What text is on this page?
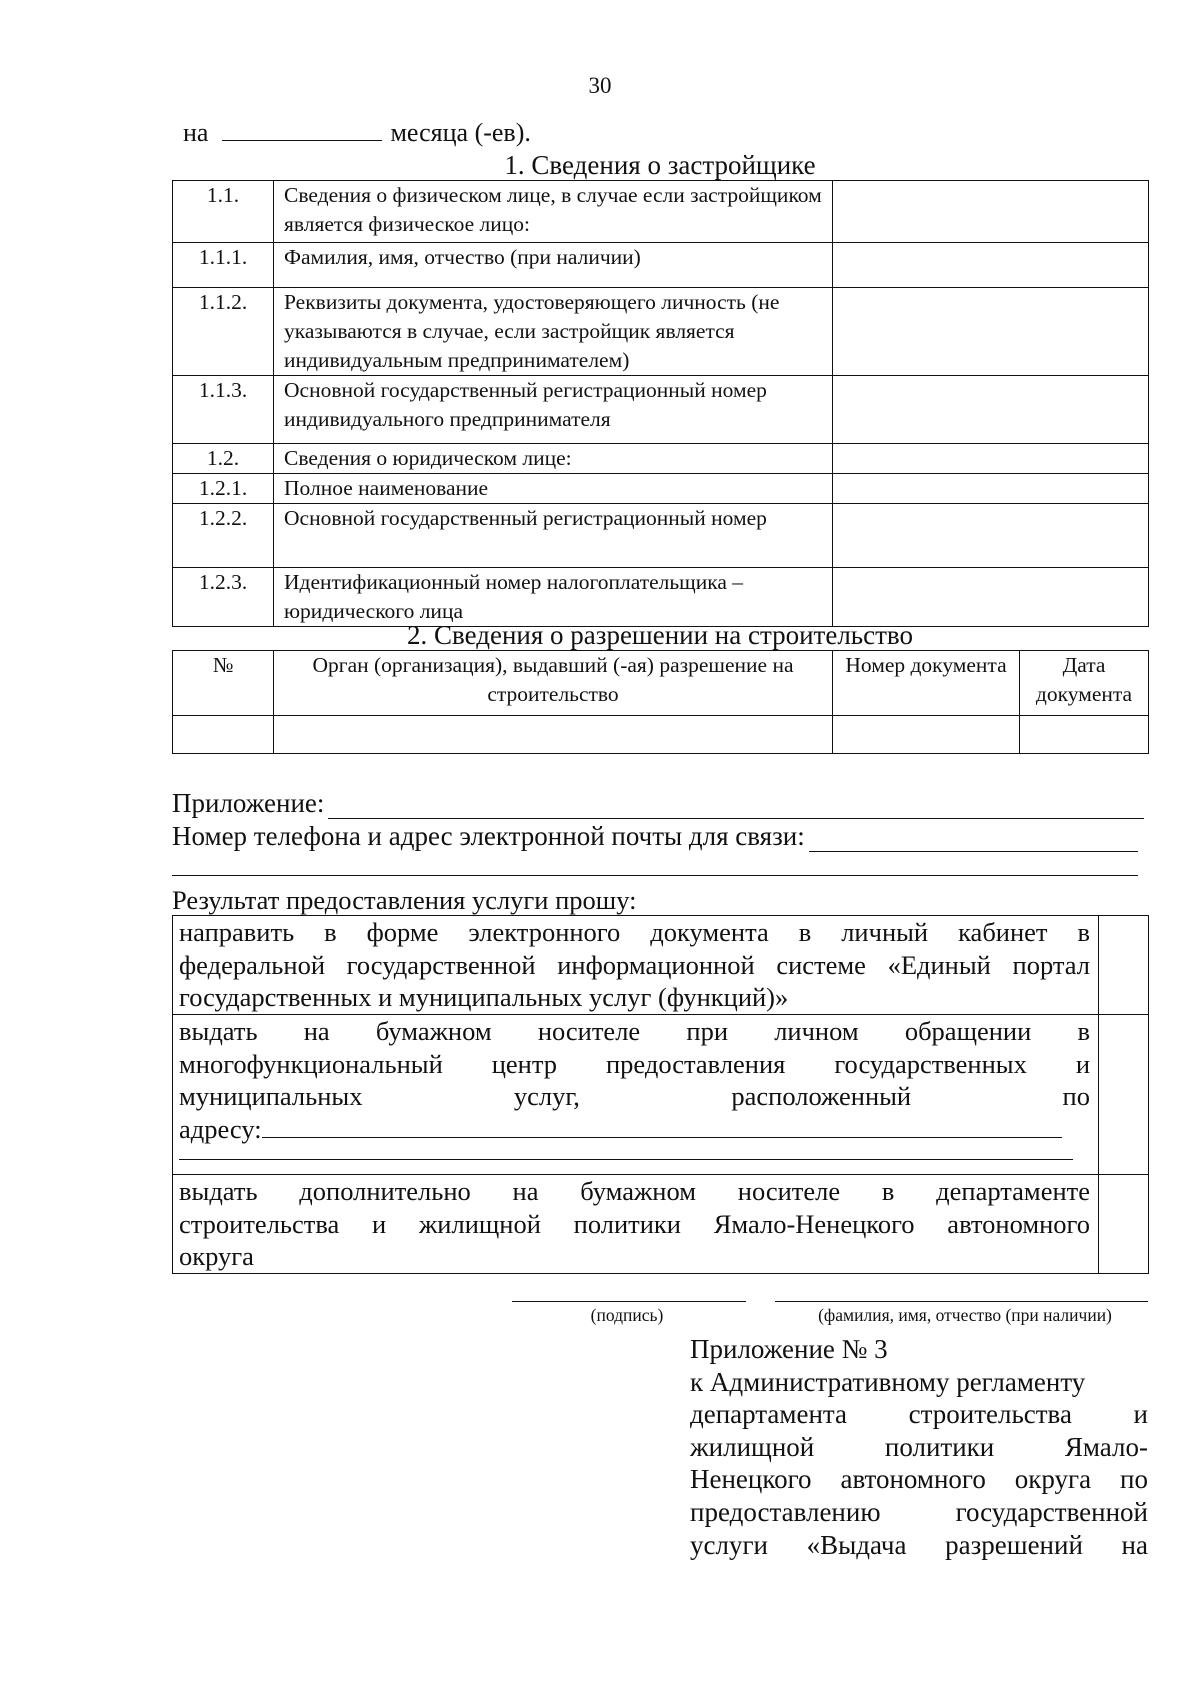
30
на	месяца (-ев).
1. Сведения о застройщике
1.1.	Сведения о физическом лице, в случае если застройщиком является физическое лицо:	
1.1.1.	Фамилия, имя, отчество (при наличии)	
1.1.2.	Реквизиты документа, удостоверяющего личность (не указываются в случае, если застройщик является индивидуальным предпринимателем)	
1.1.3.	Основной государственный регистрационный номер индивидуального предпринимателя	
1.2.	Сведения о юридическом лице:	
1.2.1.	Полное наименование	
1.2.2.	Основной государственный регистрационный номер	
1.2.3.	Идентификационный номер налогоплательщика – юридического лица	
2. Сведения о разрешении на строительство
№	Орган (организация), выдавший (-ая) разрешение на строительство	Номер документа	Дата документа

Приложение:
Номер телефона и адрес электронной почты для связи:
Результат предоставления услуги прошу:
направить в форме электронного документа в личный кабинет в
федеральной государственной информационной системе «Единый портал
государственных и муниципальных услуг (функций)»	

выдать на бумажном носителе при личном обращении в
многофункциональный центр предоставления государственных и
муниципальных услуг, расположенный по
адресу:	

выдать дополнительно на бумажном носителе в департаменте
строительства и жилищной политики Ямало-Ненецкого автономного
округа	

(подпись)	(фамилия, имя, отчество (при наличии)
Приложение № 3
к Административному регламенту
департамента строительства и
жилищной политики Ямало-
Ненецкого автономного округа по
предоставлению государственной
услуги «Выдача разрешений на
